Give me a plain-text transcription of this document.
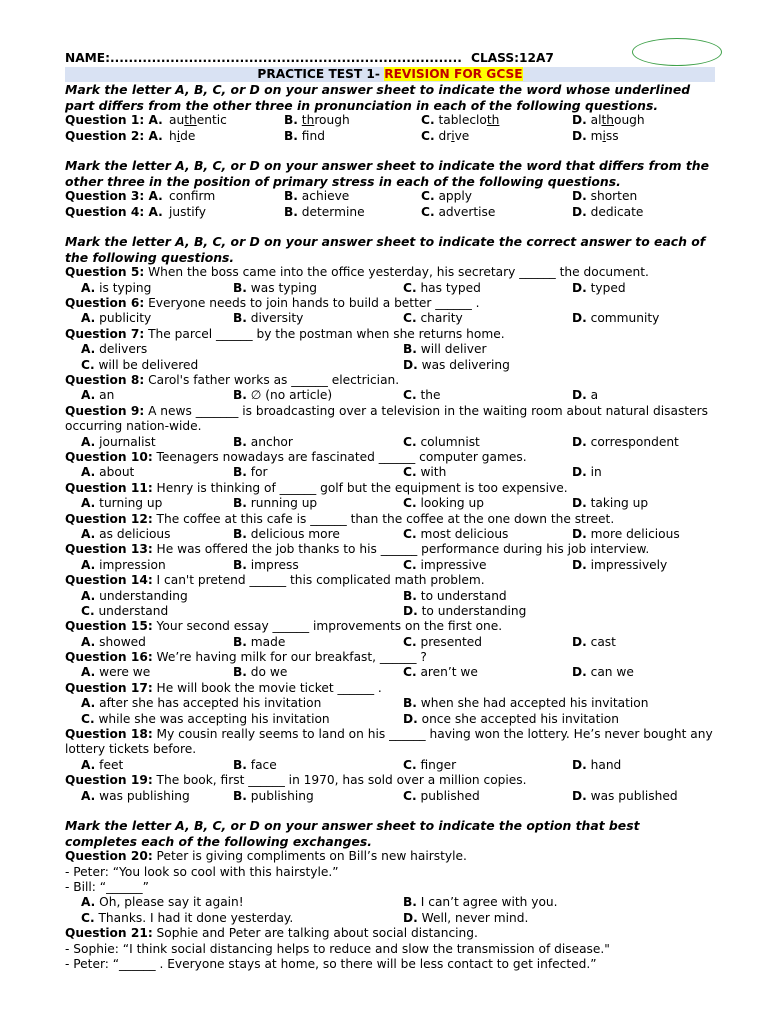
NAME:............................................................................ CLASS:12A7
PRACTICE TEST 1- REVISION FOR GCSE
Mark the letter A, B, C, or D on your answer sheet to indicate the word whose underlined part differs from the other three in pronunciation in each of the following questions.
Question 1: A. authentic	B. through	C. tablecloth	D. although
Question 2: A. hide	B. fnd	C. drive	D. miss
Mark the letter A, B, C, or D on your answer sheet to indicate the word that differs from the other three in the position of primary stress in each of the following questions.
Question 3: A. confirm	B. achieve	C. apply	D. shorten
Question 4: A. justify	B. determine	C. advertise	D. dedicate
Mark the letter A, B, C, or D on your answer sheet to indicate the correct answer to each of the following questions.
Question 5: When the boss came into the office yesterday, his secretary ______ the document.
A. is typing	B. was typing	C. has typed	D. typed
Question 6: Everyone needs to join hands to build a better ______ .
A. publicity	B. diversity	C. charity	D. community
Question 7: The parcel ______ by the postman when she returns home.
A. delivers	B. will deliver
C. will be delivered	D. was delivering
Question 8: Carol's father works as ______ electrician.
A. an	B. ∅ (no article)	C. the	D. a
Question 9: A news _______ is broadcasting over a television in the waiting room about natural disasters occurring nation-wide.
A. journalist	B. anchor	C. columnist	D. correspondent
Question 10: Teenagers nowadays are fascinated ______ computer games.
A. about	B. for	C. with	D. in
Question 11: Henry is thinking of ______ golf but the equipment is too expensive.
A. turning up	B. running up	C. looking up	D. taking up
Question 12: The coffee at this cafe is ______ than the coffee at the one down the street.
A. as delicious	B. delicious more	C. most delicious	D. more delicious
Question 13: He was offered the job thanks to his ______ performance during his job interview.
A. impression	B. impress	C. impressive	D. impressively
Question 14: I can't pretend ______ this complicated math problem.
A. understanding	B. to understand
C. understand	D. to understanding
Question 15: Your second essay ______ improvements on the first one.
A. showed	B. made	C. presented	D. cast
Question 16: We’re having milk for our breakfast, ______ ?
A. were we	B. do we	C. aren’t we	D. can we
Question 17: He will book the movie ticket ______ .
A. after she has accepted his invitation	B. when she had accepted his invitation
C. while she was accepting his invitation	D. once she accepted his invitation
Question 18: My cousin really seems to land on his ______ having won the lottery. He’s never bought any lottery tickets before.
A. feet	B. face	C. finger	D. hand
Question 19: The book, first ______ in 1970, has sold over a million copies.
A. was publishing	B. publishing	C. published	D. was published
Mark the letter A, B, C, or D on your answer sheet to indicate the option that best completes each of the following exchanges.
Question 20: Peter is giving compliments on Bill’s new hairstyle.
- Peter: “You look so cool with this hairstyle.”
- Bill: “______”
A. Oh, please say it again!	B. I can’t agree with you.
C. Thanks. I had it done yesterday.	D. Well, never mind.
Question 21: Sophie and Peter are talking about social distancing.
- Sophie: “I think social distancing helps to reduce and slow the transmission of disease."
- Peter: “______ . Everyone stays at home, so there will be less contact to get infected.”
